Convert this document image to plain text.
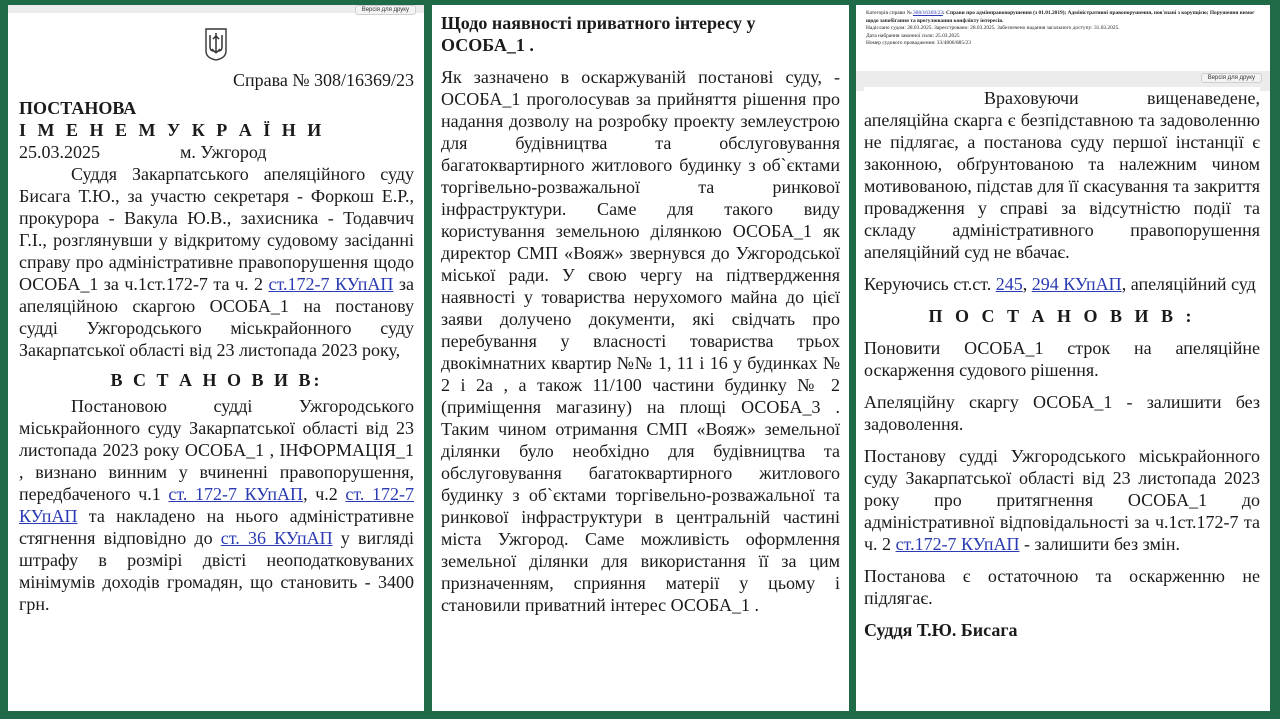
Версія для друку
Справа № 308/16369/23
ПОСТАНОВА
І М Е Н Е М У К Р А Ї Н И
25.03.2025	м. Ужгород
Суддя Закарпатського апеляційного суду Бисага Т.Ю., за участю секретаря - Форкош Е.Р., прокурора - Вакула Ю.В., захисника - Тодавчич Г.І., розглянувши у відкритому судовому засіданні справу про адміністративне правопорушення щодо ОСОБА_1 за ч.1ст.172-7 та ч. 2 ст.172-7 КУпАП за апеляційною скаргою ОСОБА_1 на постанову судді Ужгородського міськрайонного суду Закарпатської області від 23 листопада 2023 року,
В С Т А Н О В И В:
Постановою судді Ужгородського міськрайонного суду Закарпатської області від 23 листопада 2023 року ОСОБА_1 , ІНФОРМАЦІЯ_1 , визнано винним у вчиненні правопорушення, передбаченого ч.1 ст. 172-7 КУпАП, ч.2 ст. 172-7 КУпАП та накладено на нього адміністративне стягнення відповідно до ст. 36 КУпАП у вигляді штрафу в розмірі двісті неоподатковуваних мінімумів доходів громадян, що становить - 3400 грн.
Щодо наявності приватного інтересу у ОСОБА_1 .
Як зазначено в оскаржуваній постанові суду, - ОСОБА_1 проголосував за прийняття рішення про надання дозволу на розробку проекту землеустрою для будівництва та обслуговування багатоквартирного житлового будинку з об`єктами торгівельно-розважальної та ринкової інфраструктури. Саме для такого виду користування земельною ділянкою ОСОБА_1 як директор СМП «Вояж» звернувся до Ужгородської міської ради. У свою чергу на підтвердження наявності у товариства нерухомого майна до цієї заяви долучено документи, які свідчать про перебування у власності товариства трьох двокімнатних квартир №№ 1, 11 і 16 у будинках № 2 і 2а , а також 11/100 частини будинку № 2 (приміщення магазину) на площі ОСОБА_3 . Таким чином отримання СМП «Вояж» земельної ділянки було необхідно для будівництва та обслуговування багатоквартирного житлового будинку з об`єктами торгівельно-розважальної та ринкової інфраструктури в центральній частині міста Ужгород. Саме можливість оформлення земельної ділянки для використання її за цим призначенням, сприяння матерії у цьому і становили приватний інтерес ОСОБА_1 .
Категорія справи № 308/16369/23: Справи про адмінправопорушення (з 01.01.2019); Адміністративні правопорушення, пов'язані з корупцією; Порушення вимог щодо запобігання та врегулювання конфлікту інтересів.
Надіслано судом: 28.03.2025. Зареєстровано: 28.03.2025. Забезпечено надання загального доступу: 31.03.2025.
Дата набрання законної сили: 25.03.2025
Номер судового провадження: 33/4806/885/23
Версія для друку

Враховуючи вищенаведене, апеляційна скарга є безпідставною та задоволенню не підлягає, а постанова суду першої інстанції є законною, обґрунтованою та належним чином мотивованою, підстав для її скасування та закриття провадження у справі за відсутністю події та складу адміністративного правопорушення апеляційний суд не вбачає.

Керуючись ст.ст. 245, 294 КУпАП, апеляційний суд

П О С Т А Н О В И В :

Поновити ОСОБА_1 строк на апеляційне оскарження судового рішення.

Апеляційну скаргу ОСОБА_1 - залишити без задоволення.

Постанову судді Ужгородського міськрайонного суду Закарпатської області від 23 листопада 2023 року про притягнення ОСОБА_1 до адміністративної відповідальності за ч.1ст.172-7 та ч. 2 ст.172-7 КУпАП - залишити без змін.

Постанова є остаточною та оскарженню не підлягає.

Суддя Т.Ю. Бисага
